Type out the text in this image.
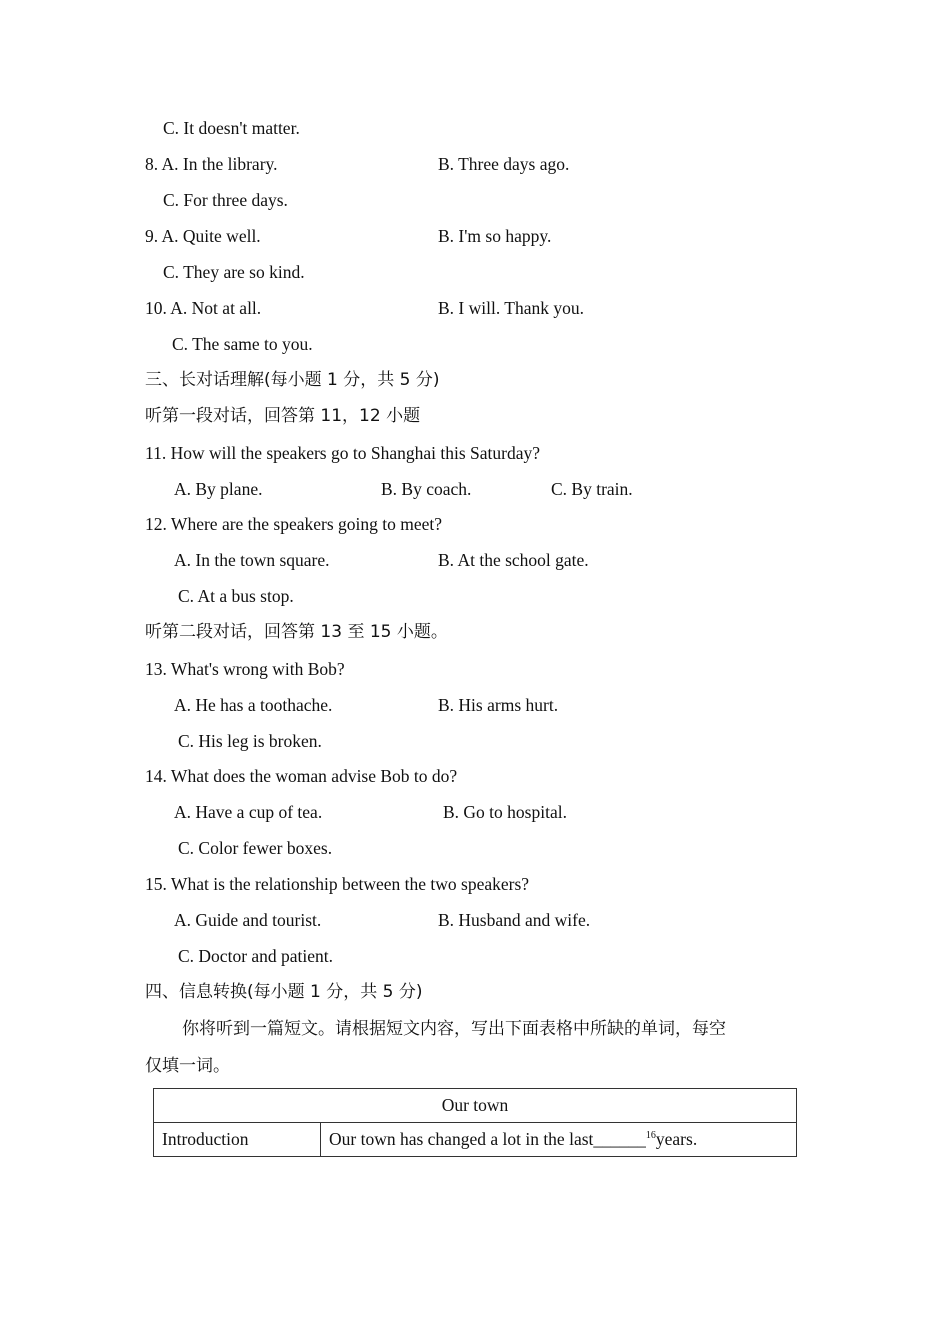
C. It doesn't matter.
8. A. In the library.	B. Three days ago.
C. For three days.
9. A. Quite well.	B. I'm so happy.
C. They are so kind.
10. A. Not at all.	B. I will. Thank you.
C. The same to you.
三、长对话理解(每小题 1 分，共 5 分)
听第一段对话，回答第 11，12 小题
11. How will the speakers go to Shanghai this Saturday?
A. By plane.	B. By coach.	C. By train.
12. Where are the speakers going to meet?
A. In the town square.	B. At the school gate.
C. At a bus stop.
听第二段对话，回答第 13 至 15 小题。
13. What's wrong with Bob?
A. He has a toothache.	B. His arms hurt.
C. His leg is broken.
14. What does the woman advise Bob to do?
A. Have a cup of tea.	B. Go to hospital.
C. Color fewer boxes.
15. What is the relationship between the two speakers?
A. Guide and tourist.	B. Husband and wife.
C. Doctor and patient.
四、信息转换(每小题 1 分，共 5 分)
你将听到一篇短文。请根据短文内容，写出下面表格中所缺的单词，每空
仅填一词。
Our town
Introduction	Our town has changed a lot in the last______$^{16}$years.
